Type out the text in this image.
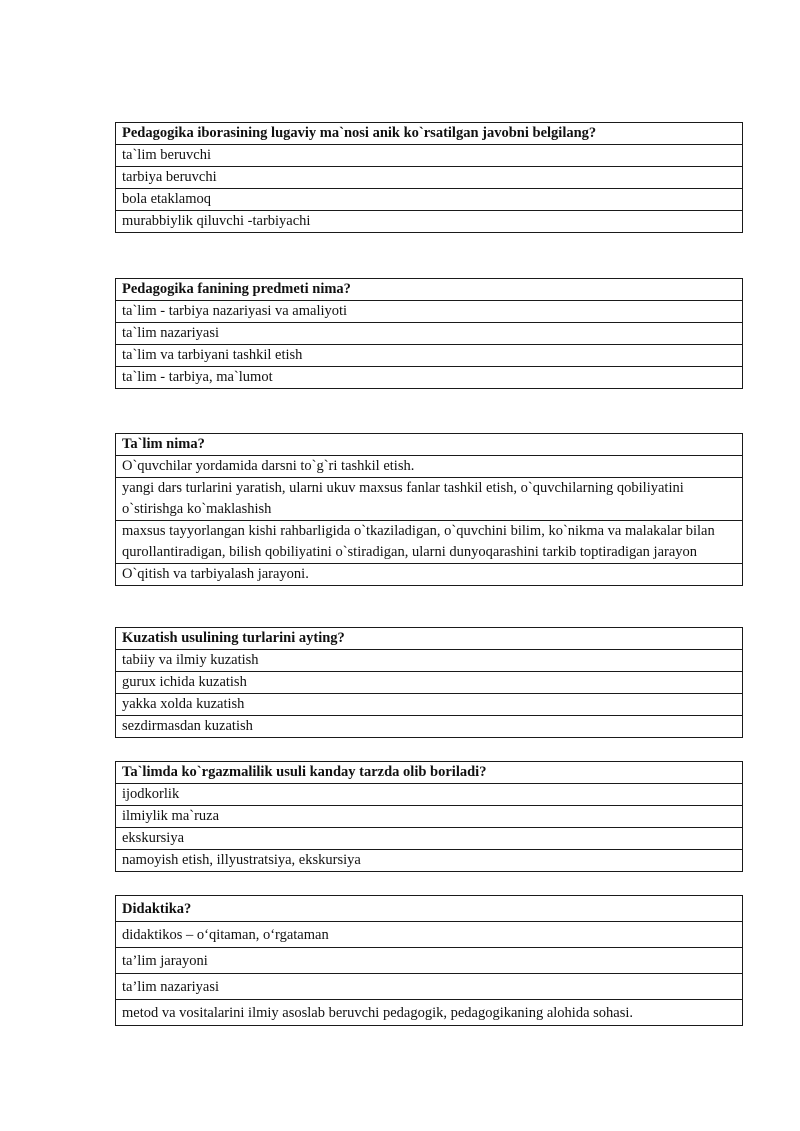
Pedagogika iborasining lugaviy ma`nosi anik ko`rsatilgan javobni belgilang?
ta`lim beruvchi
tarbiya beruvchi
bola etaklamoq
murabbiylik qiluvchi -tarbiyachi
Pedagogika fanining predmeti nima?
ta`lim - tarbiya nazariyasi va amaliyoti
ta`lim nazariyasi
ta`lim va tarbiyani tashkil etish
ta`lim - tarbiya, ma`lumot
Ta`lim nima?
O`quvchilar yordamida darsni to`g`ri tashkil etish.
yangi dars turlarini yaratish, ularni ukuv maxsus fanlar tashkil etish, o`quvchilarning qobiliyatini o`stirishga ko`maklashish
maxsus tayyorlangan kishi rahbarligida o`tkaziladigan, o`quvchini bilim, ko`nikma va malakalar bilan qurollantiradigan, bilish qobiliyatini o`stiradigan, ularni dunyoqarashini tarkib toptiradigan jarayon
O`qitish va tarbiyalash jarayoni.
Kuzatish usulining turlarini ayting?
tabiiy va ilmiy kuzatish
gurux ichida kuzatish
yakka xolda kuzatish
sezdirmasdan kuzatish
Ta`limda ko`rgazmalilik usuli kanday tarzda olib boriladi?
ijodkorlik
ilmiylik ma`ruza
ekskursiya
namoyish etish, illyustratsiya, ekskursiya
Didaktika?
didaktikos – o‘qitaman, o‘rgataman
ta’lim jarayoni
ta’lim nazariyasi
metod va vositalarini ilmiy asoslab beruvchi pedagogik, pedagogikaning alohida sohasi.
